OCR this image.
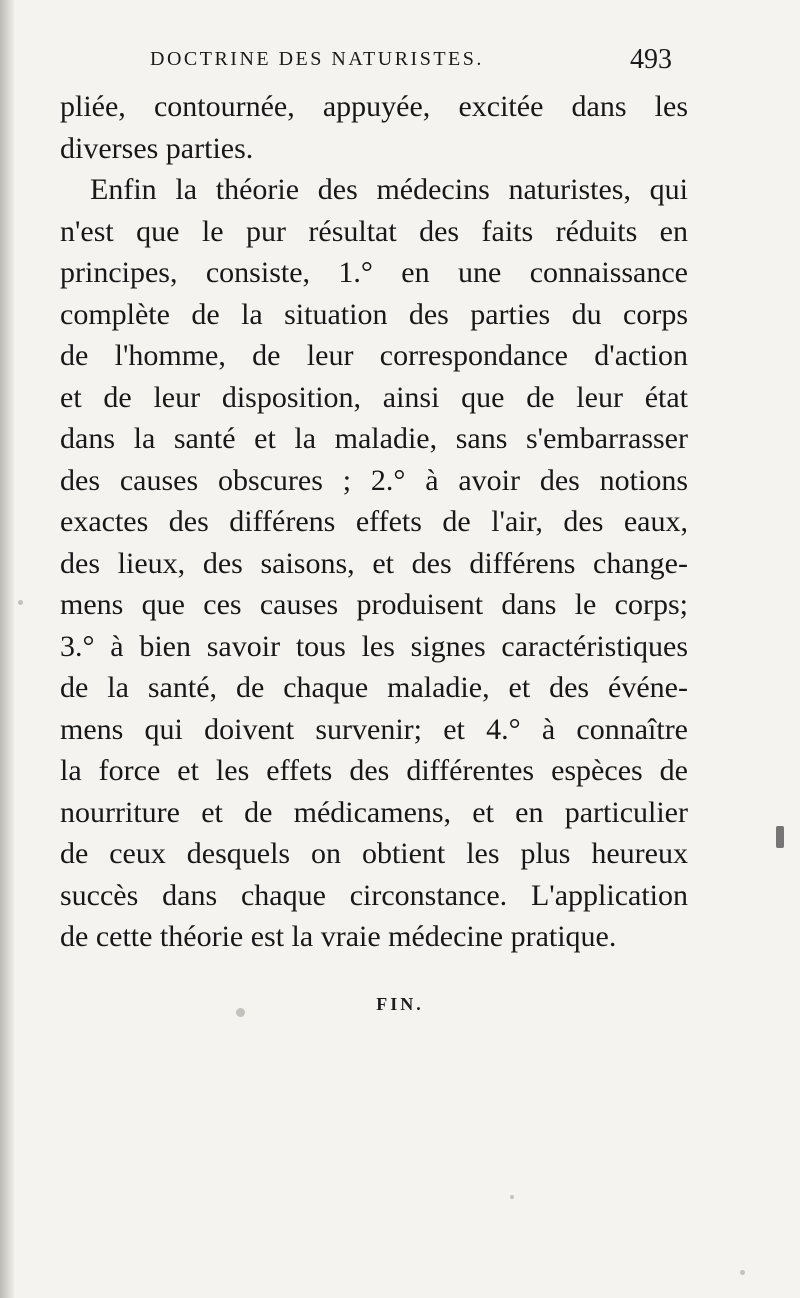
DOCTRINE DES NATURISTES.	493
pliée, contournée, appuyée, excitée dans les
diverses parties.
Enfin la théorie des médecins naturistes, qui
n'est que le pur résultat des faits réduits en
principes, consiste, 1.° en une connaissance
complète de la situation des parties du corps
de l'homme, de leur correspondance d'action
et de leur disposition, ainsi que de leur état
dans la santé et la maladie, sans s'embarrasser
des causes obscures ; 2.° à avoir des notions
exactes des différens effets de l'air, des eaux,
des lieux, des saisons, et des différens change-
mens que ces causes produisent dans le corps;
3.° à bien savoir tous les signes caractéristiques
de la santé, de chaque maladie, et des événe-
mens qui doivent survenir; et 4.° à connaître
la force et les effets des différentes espèces de
nourriture et de médicamens, et en particulier
de ceux desquels on obtient les plus heureux
succès dans chaque circonstance. L'application
de cette théorie est la vraie médecine pratique.
FIN.
